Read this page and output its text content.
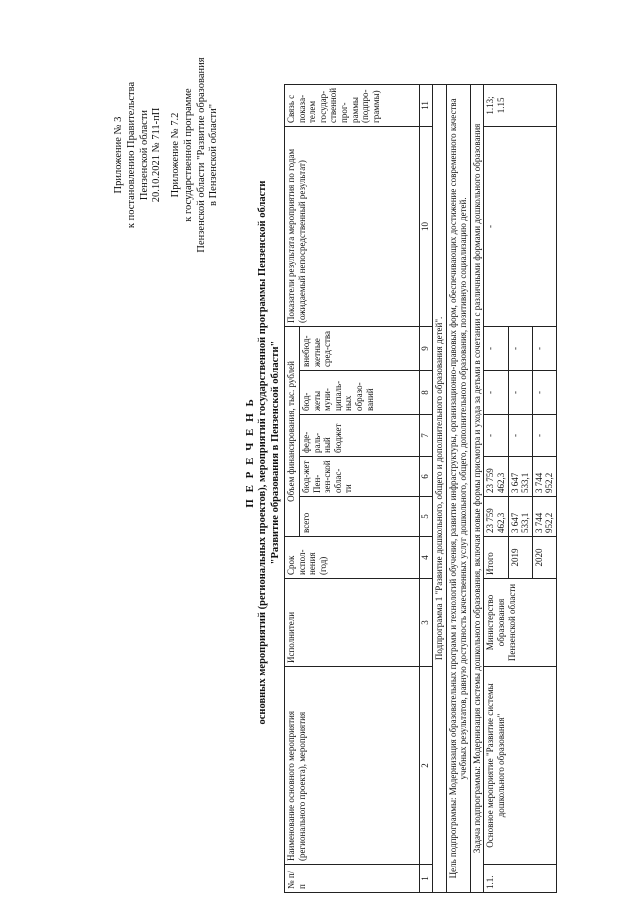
Приложение № 3 к постановлению Правительства Пензенской области 20.10.2021 № 711-пП Приложение № 7.2 к государственной программе Пензенской области "Развитие образования в Пензенской области"
П Е Р Е Ч Е Н Ь основных мероприятий (региональных проектов), мероприятий государственной программы Пензенской области "Развитие образования в Пензенской области"
№ п/п	Наименование основного мероприятия (регионального проекта), мероприятия	Исполнители	Срок испол-нения (год)	Объем финансирования, тыс. рублей					Показатели результата мероприятия по годам (ожидаемый непосредственный результат)	Связь с показа-телем государ-ственной прог-раммы (подпро-граммы)
				всего	бюд-жет Пен-зен-ской облас-ти	феде-раль-ный бюджет	бюд-жеты муни-ципаль-ных образо-ваний	внебюд-жетные сред-ства		
1	2	3	4	5	6	7	8	9	10	11
Подпрограмма 1 "Развитие дошкольного, общего и дополнительного образования детей".										
Цель подпрограммы: Модернизация образовательных программ и технологий обучения, развитие инфраструктуры, организационно-правовых форм, обеспечивающих достижение современного качества учебных результатов, равную доступность качественных услуг дошкольного, общего, дополнительного образования, позитивную социализацию детей.										
Задача подпрограммы: Модернизация системы дошкольного образования, включая новые формы присмотра и ухода за детьми в сочетании с различными формами дошкольного образования										
1.1.	Основное мероприятие "Развитие системы дошкольного образования"	Министерство образования Пензенской области	Итого	23 759 462,3	23 759 462,3	-	-	-	-	1.13; 1.15
			2019	3 647 533,1	3 647 533,1	-	-	-		
			2020	3 744 952,2	3 744 952,2	-	-	-		
